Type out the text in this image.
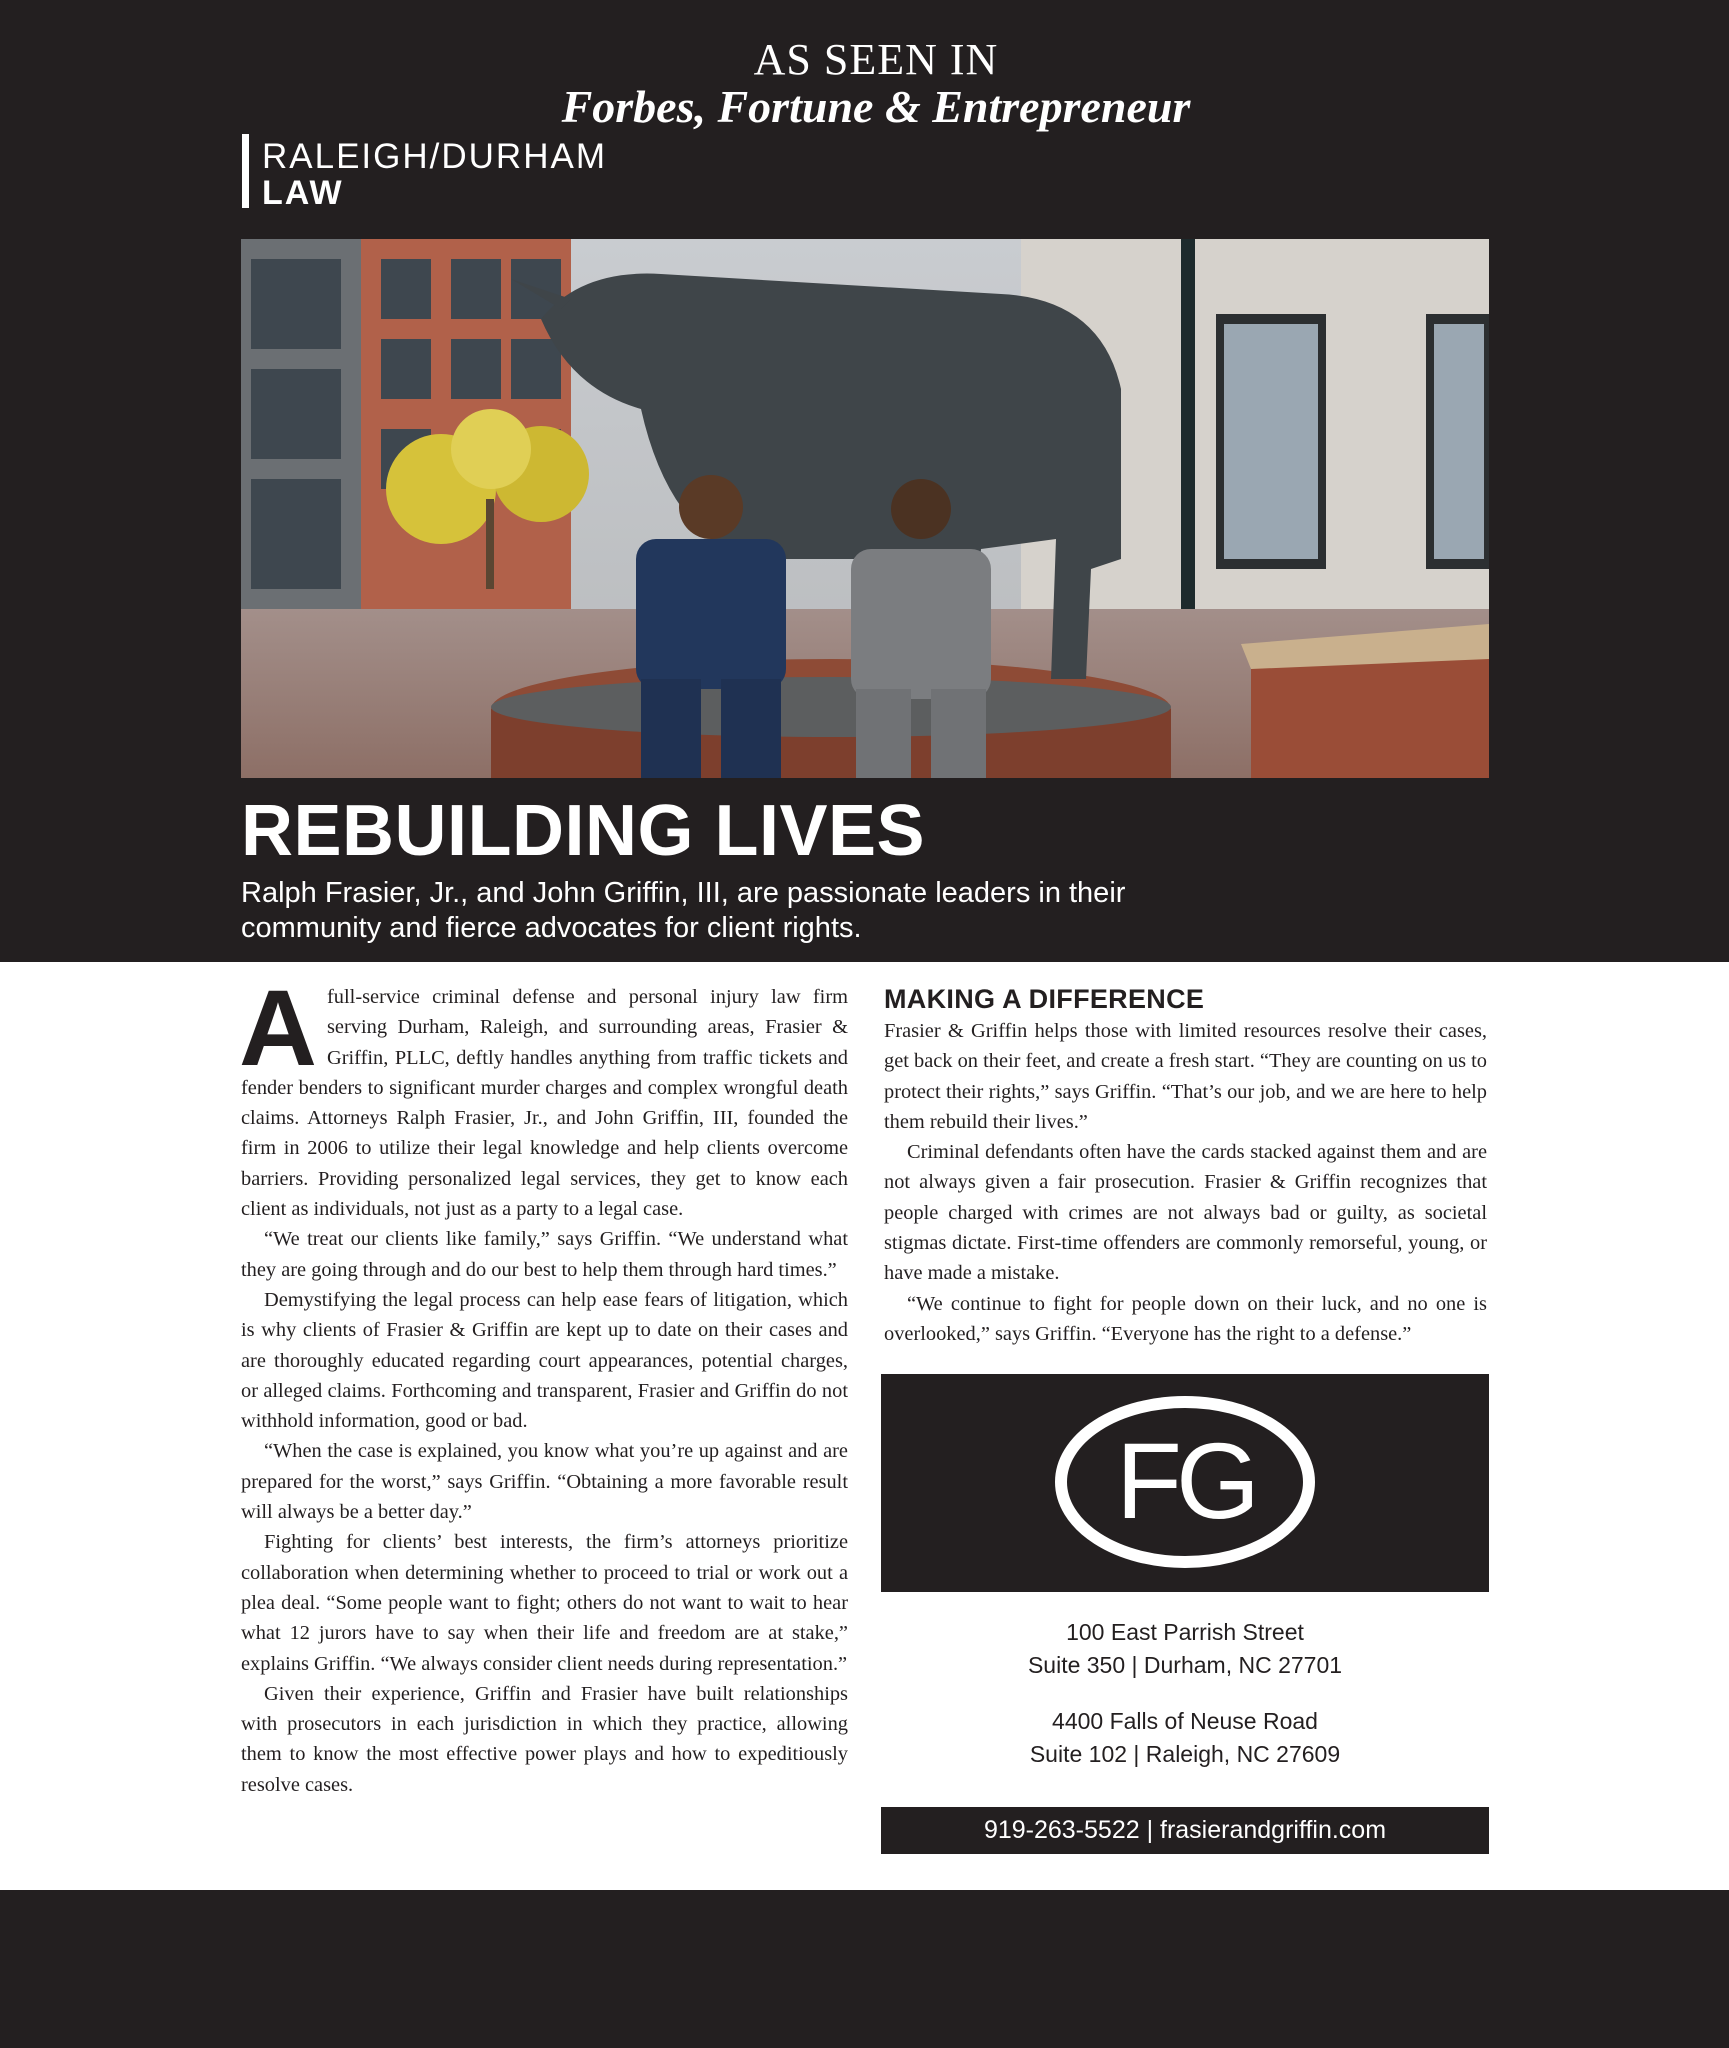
AS SEEN IN
Forbes, Fortune & Entrepreneur
RALEIGH/DURHAM
LAW
REBUILDING LIVES
Ralph Frasier, Jr., and John Griffin, III, are passionate leaders in their community and fierce advocates for client rights.

Afull-service criminal defense and personal injury law firm serving Durham, Raleigh, and surrounding areas, Frasier & Griffin, PLLC, deftly handles anything from traffic tickets and fender benders to significant murder charges and complex wrongful death claims. Attorneys Ralph Frasier, Jr., and John Griffin, III, founded the firm in 2006 to utilize their legal knowledge and help clients overcome barriers. Providing personalized legal services, they get to know each client as individuals, not just as a party to a legal case.

“We treat our clients like family,” says Griffin. “We understand what they are going through and do our best to help them through hard times.”

Demystifying the legal process can help ease fears of litigation, which is why clients of Frasier & Griffin are kept up to date on their cases and are thoroughly educated regarding court appearances, potential charges, or alleged claims. Forthcoming and transparent, Frasier and Griffin do not withhold information, good or bad.

“When the case is explained, you know what you’re up against and are prepared for the worst,” says Griffin. “Obtaining a more favorable result will always be a better day.”

Fighting for clients’ best interests, the firm’s attorneys prioritize collaboration when determining whether to proceed to trial or work out a plea deal. “Some people want to fight; others do not want to wait to hear what 12 jurors have to say when their life and freedom are at stake,” explains Griffin. “We always consider client needs during representation.”

Given their experience, Griffin and Frasier have built relationships with prosecutors in each jurisdiction in which they practice, allowing them to know the most effective power plays and how to expeditiously resolve cases.

MAKING A DIFFERENCE

Frasier & Griffin helps those with limited resources resolve their cases, get back on their feet, and create a fresh start. “They are counting on us to protect their rights,” says Griffin. “That’s our job, and we are here to help them rebuild their lives.”

Criminal defendants often have the cards stacked against them and are not always given a fair prosecution. Frasier & Griffin recognizes that people charged with crimes are not always bad or guilty, as societal stigmas dictate. First-time offenders are commonly remorseful, young, or have made a mistake.

“We continue to fight for people down on their luck, and no one is overlooked,” says Griffin. “Everyone has the right to a defense.”

FG
100 East Parrish Street
Suite 350 | Durham, NC 27701
4400 Falls of Neuse Road
Suite 102 | Raleigh, NC 27609
919-263-5522 | frasierandgriffin.com
